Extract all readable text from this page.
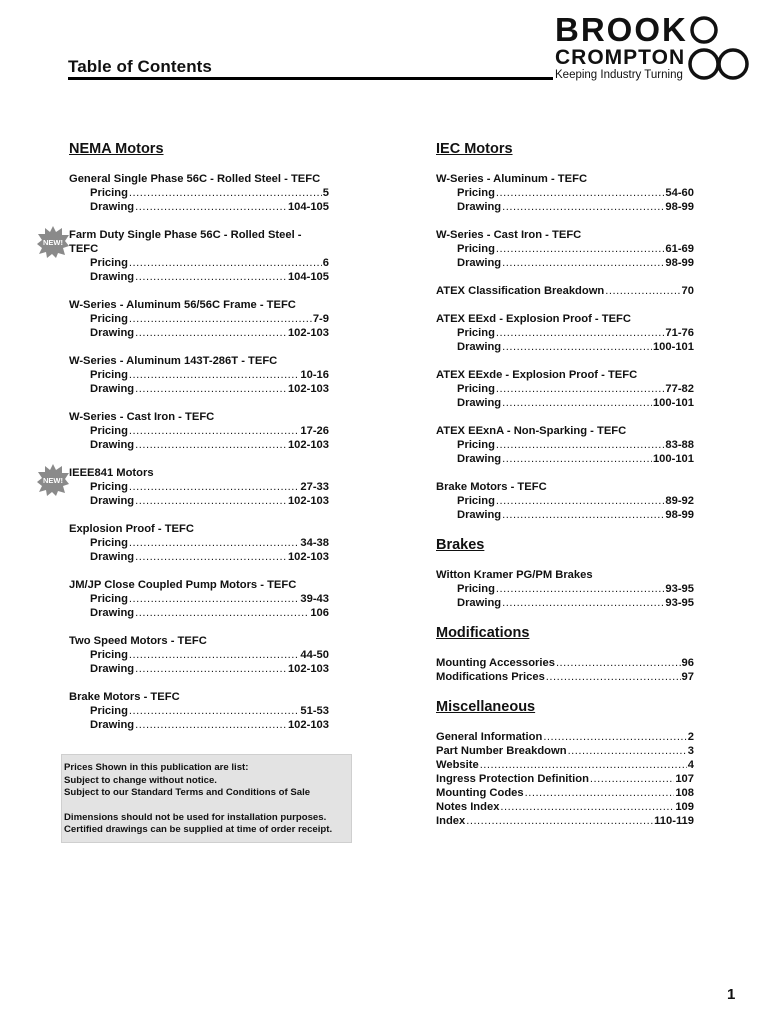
Table of Contents
BROOK
CROMPTON
Keeping Industry Turning
NEMA Motors
General Single Phase 56C - Rolled Steel - TEFC
Pricing .....	5
Drawing .....	104-105
NEW!
Farm Duty Single Phase 56C - Rolled Steel - TEFC
Pricing .....	6
Drawing .....	104-105
W-Series - Aluminum 56/56C Frame - TEFC
Pricing .....	7-9
Drawing .....	102-103
W-Series - Aluminum 143T-286T - TEFC
Pricing .....	10-16
Drawing .....	102-103
W-Series - Cast Iron - TEFC
Pricing .....	17-26
Drawing .....	102-103
NEW!
IEEE841 Motors
Pricing .....	27-33
Drawing .....	102-103
Explosion Proof - TEFC
Pricing .....	34-38
Drawing .....	102-103
JM/JP Close Coupled Pump Motors - TEFC
Pricing .....	39-43
Drawing .....	106
Two Speed Motors - TEFC
Pricing .....	44-50
Drawing .....	102-103
Brake Motors - TEFC
Pricing .....	51-53
Drawing .....	102-103
IEC Motors
W-Series - Aluminum - TEFC
Pricing .....	54-60
Drawing .....	98-99
W-Series - Cast Iron - TEFC
Pricing .....	61-69
Drawing .....	98-99
ATEX Classification Breakdown .....	70
ATEX EExd - Explosion Proof - TEFC
Pricing .....	71-76
Drawing .....	100-101
ATEX EExde - Explosion Proof - TEFC
Pricing .....	77-82
Drawing .....	100-101
ATEX EExnA - Non-Sparking - TEFC
Pricing .....	83-88
Drawing .....	100-101
Brake Motors - TEFC
Pricing .....	89-92
Drawing .....	98-99
Brakes
Witton Kramer PG/PM Brakes
Pricing .....	93-95
Drawing .....	93-95
Modifications
Mounting Accessories .....	96
Modifications Prices .....	97
Miscellaneous
General Information .....	2
Part Number Breakdown .....	3
Website .....	4
Ingress Protection Definition .....	107
Mounting Codes .....	108
Notes Index .....	109
Index .....	110-119
Prices Shown in this publication are list:
Subject to change without notice.
Subject to our Standard Terms and Conditions of Sale
Dimensions should not be used for installation purposes.
Certified drawings can be supplied at time of order receipt.
1
